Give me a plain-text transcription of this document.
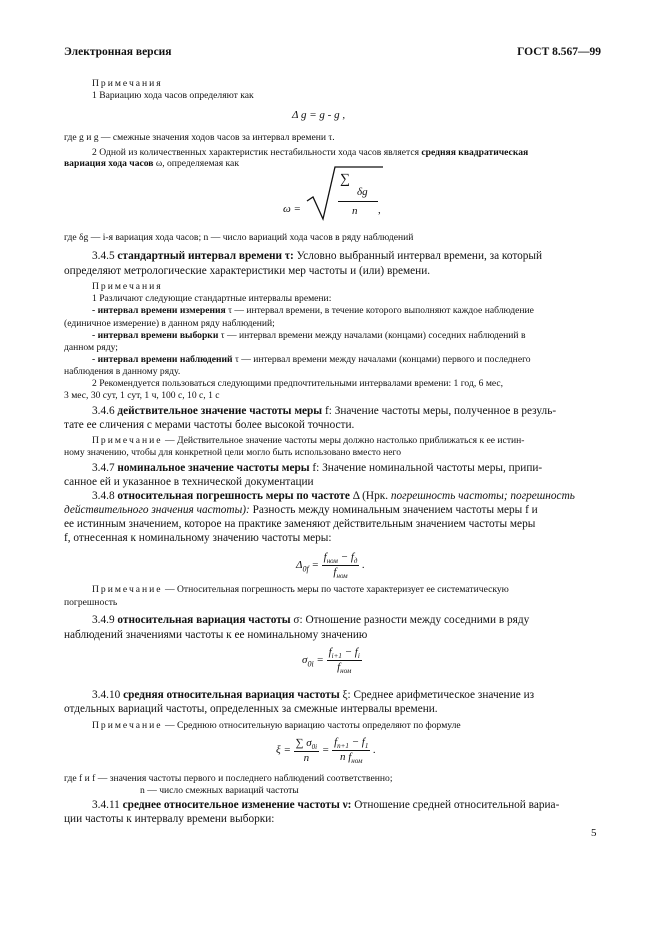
Электронная версия	ГОСТ 8.567—99
Примечания
1 Вариацию хода часов определяют как
Δ g = g - g ,
где g и g — смежные значения ходов часов за интервал времени τ.
2 Одной из количественных характеристик нестабильности хода часов является средняя квадратическая
вариация хода часов ω, определяемая как
ω =
∑
δg
n ,
где δg — i-я вариация хода часов; n — число вариаций хода часов в ряду наблюдений
3.4.5 стандартный интервал времени τ: Условно выбранный интервал времени, за который
определяют метрологические характеристики мер частоты и (или) времени.
Примечания
1 Различают следующие стандартные интервалы времени:
- интервал времени измерения τ — интервал времени, в течение которого выполняют каждое наблюдение
(единичное измерение) в данном ряду наблюдений;
- интервал времени выборки τ — интервал времени между началами (концами) соседних наблюдений в
данном ряду;
- интервал времени наблюдений τ — интервал времени между началами (концами) первого и последнего
наблюдения в данному ряду.
2 Рекомендуется пользоваться следующими предпочтительными интервалами времени: 1 год, 6 мес,
3 мес, 30 сут, 1 сут, 1 ч, 100 с, 10 с, 1 с
3.4.6 действительное значение частоты меры f: Значение частоты меры, полученное в резуль-
тате ее сличения с мерами частоты более высокой точности.
Примечание — Действительное значение частоты меры должно настолько приближаться к ее истин-
ному значению, чтобы для конкретной цели могло быть использовано вместо него
3.4.7 номинальное значение частоты меры f: Значение номинальной частоты меры, припи-
санное ей и указанное в технической документации
3.4.8 относительная погрешность меры по частоте Δ (Нрк. погрешность частоты; погрешность
действительного значения частоты): Разность между номинальным значением частоты меры f и
ее истинным значением, которое на практике заменяют действительным значением частоты меры
f, отнесенная к номинальному значению частоты меры:
$\Delta_{0f} = \frac{f_{ном} - f_д}{f_{ном}}$ .
Примечание — Относительная погрешность меры по частоте характеризует ее систематическую
погрешность
3.4.9 относительная вариация частоты σ: Отношение разности между соседними в ряду
наблюдений значениями частоты к ее номинальному значению
$\sigma_{0i} = \frac{f_{i+1} - f_i}{f_{ном}}$
3.4.10 средняя относительная вариация частоты ξ: Среднее арифметическое значение из
отдельных вариаций частоты, определенных за смежные интервалы времени.
Примечание — Среднюю относительную вариацию частоты определяют по формуле
$\xi = \frac{\sum \sigma_{0i}}{n} = \frac{f_{n+1} - f_1}{n f_{ном}}$ .
где f и f — значения частоты первого и последнего наблюдений соответственно;
n — число смежных вариаций частоты
3.4.11 среднее относительное изменение частоты ν: Отношение средней относительной вариа-
ции частоты к интервалу времени выборки:
5
